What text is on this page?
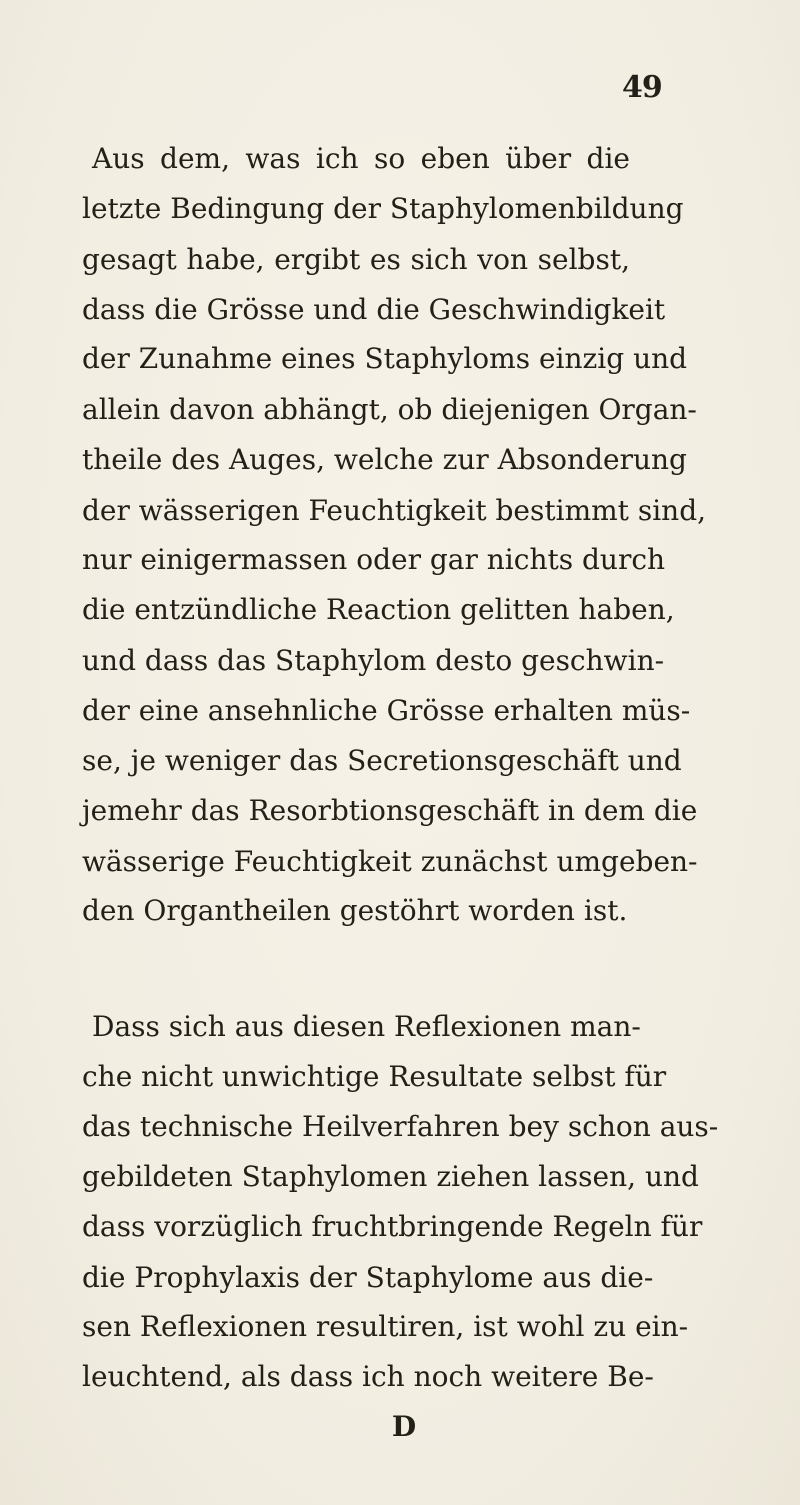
49
Aus dem, was ich so eben über die
letzte Bedingung der Staphylomenbildung
gesagt habe, ergibt es sich von selbst,
dass die Grösse und die Geschwindigkeit
der Zunahme eines Staphyloms einzig und
allein davon abhängt, ob diejenigen Organ-
theile des Auges, welche zur Absonderung
der wässerigen Feuchtigkeit bestimmt sind,
nur einigermassen oder gar nichts durch
die entzündliche Reaction gelitten haben,
und dass das Staphylom desto geschwin-
der eine ansehnliche Grösse erhalten müs-
se, je weniger das Secretionsgeschäft und
jemehr das Resorbtionsgeschäft in dem die
wässerige Feuchtigkeit zunächst umgeben-
den Organtheilen gestöhrt worden ist.
Dass sich aus diesen Reflexionen man-
che nicht unwichtige Resultate selbst für
das technische Heilverfahren bey schon aus-
gebildeten Staphylomen ziehen lassen, und
dass vorzüglich fruchtbringende Regeln für
die Prophylaxis der Staphylome aus die-
sen Reflexionen resultiren, ist wohl zu ein-
leuchtend, als dass ich noch weitere Be-
D
